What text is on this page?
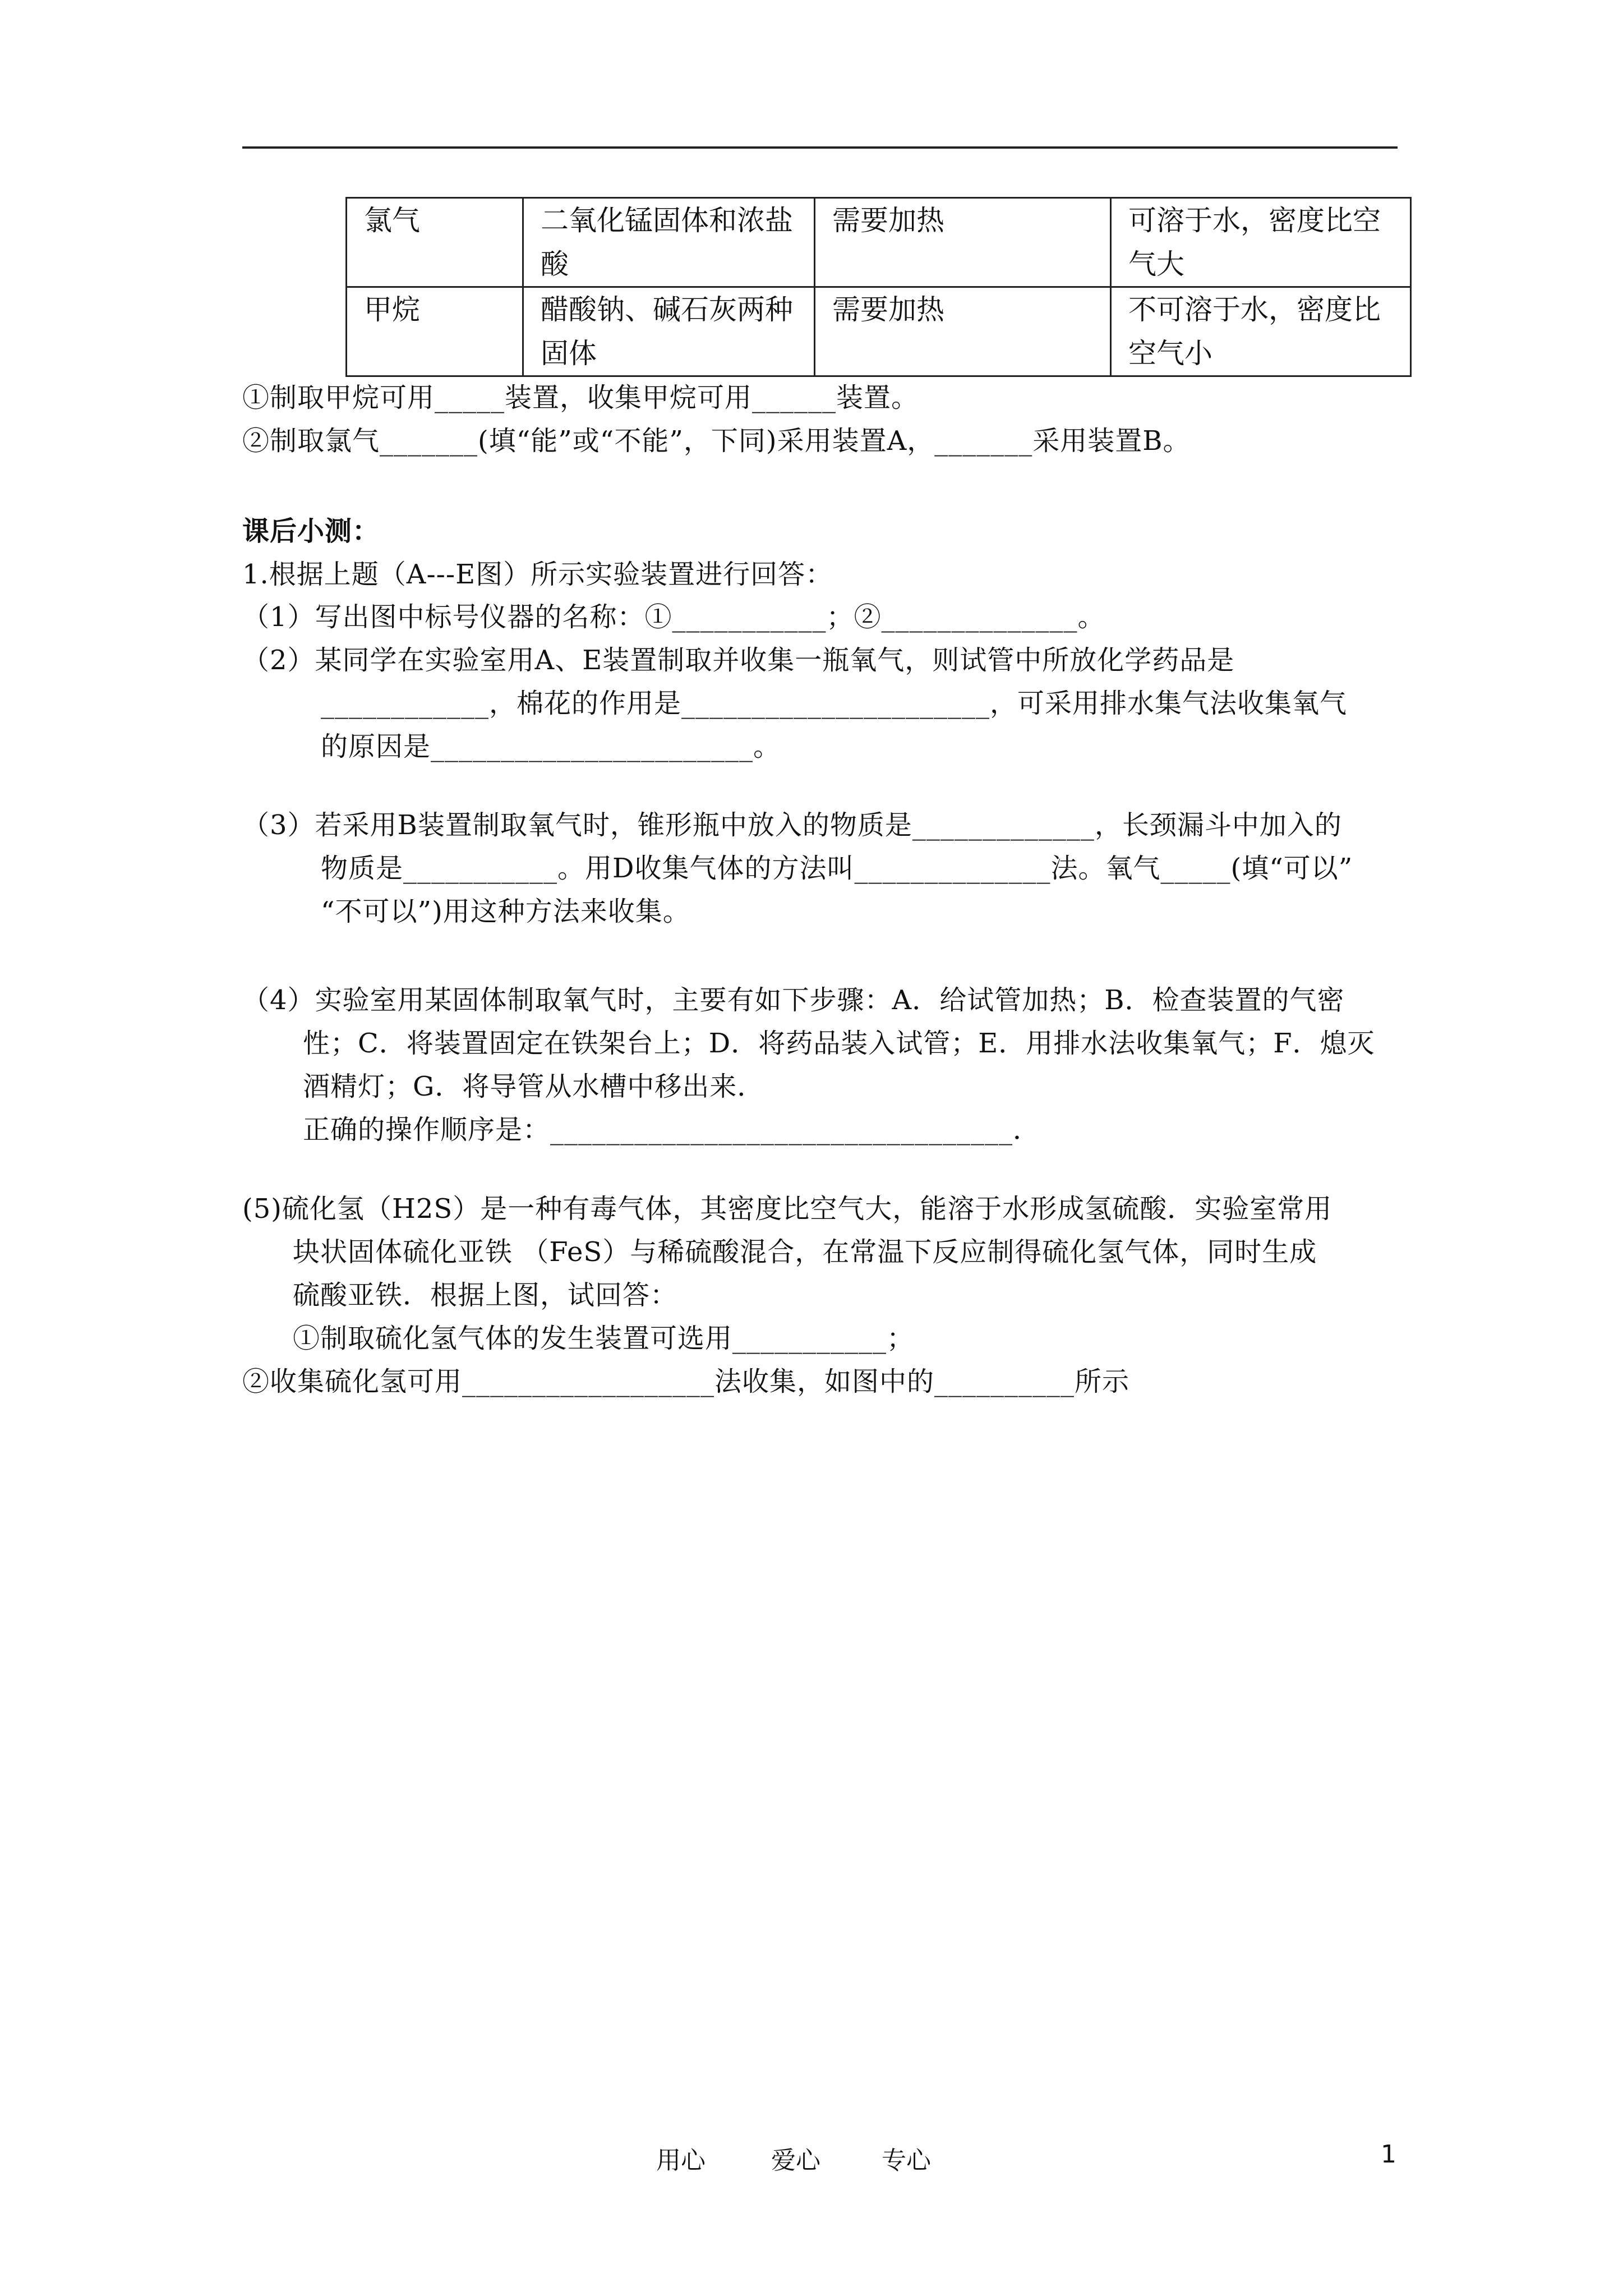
氯气	二氧化锰固体和浓盐酸	需要加热	可溶于水，密度比空气大
甲烷	醋酸钠、碱石灰两种固体	需要加热	不可溶于水，密度比空气小
①制取甲烷可用_____装置，收集甲烷可用______装置。
②制取氯气_______(填“能”或“不能”，下同)采用装置A，_______采用装置B。
课后小测：
1.根据上题（A---E图）所示实验装置进行回答：
（1）写出图中标号仪器的名称：①___________；②______________。
（2）某同学在实验室用A、E装置制取并收集一瓶氧气，则试管中所放化学药品是
____________，棉花的作用是______________________，可采用排水集气法收集氧气
的原因是_______________________。
（3）若采用B装置制取氧气时，锥形瓶中放入的物质是_____________，长颈漏斗中加入的
物质是___________。用D收集气体的方法叫______________法。氧气_____(填“可以”
“不可以”)用这种方法来收集。
（4）实验室用某固体制取氧气时，主要有如下步骤：A．给试管加热；B．检查装置的气密
性；C．将装置固定在铁架台上；D．将药品装入试管；E．用排水法收集氧气；F．熄灭
酒精灯；G．将导管从水槽中移出来．
正确的操作顺序是：_________________________________．
(5)硫化氢（H2S）是一种有毒气体，其密度比空气大，能溶于水形成氢硫酸．实验室常用
块状固体硫化亚铁 （FeS）与稀硫酸混合，在常温下反应制得硫化氢气体，同时生成
硫酸亚铁．根据上图，试回答：
①制取硫化氢气体的发生装置可选用___________；
②收集硫化氢可用__________________法收集，如图中的__________所示
用心	爱心 专心	1
